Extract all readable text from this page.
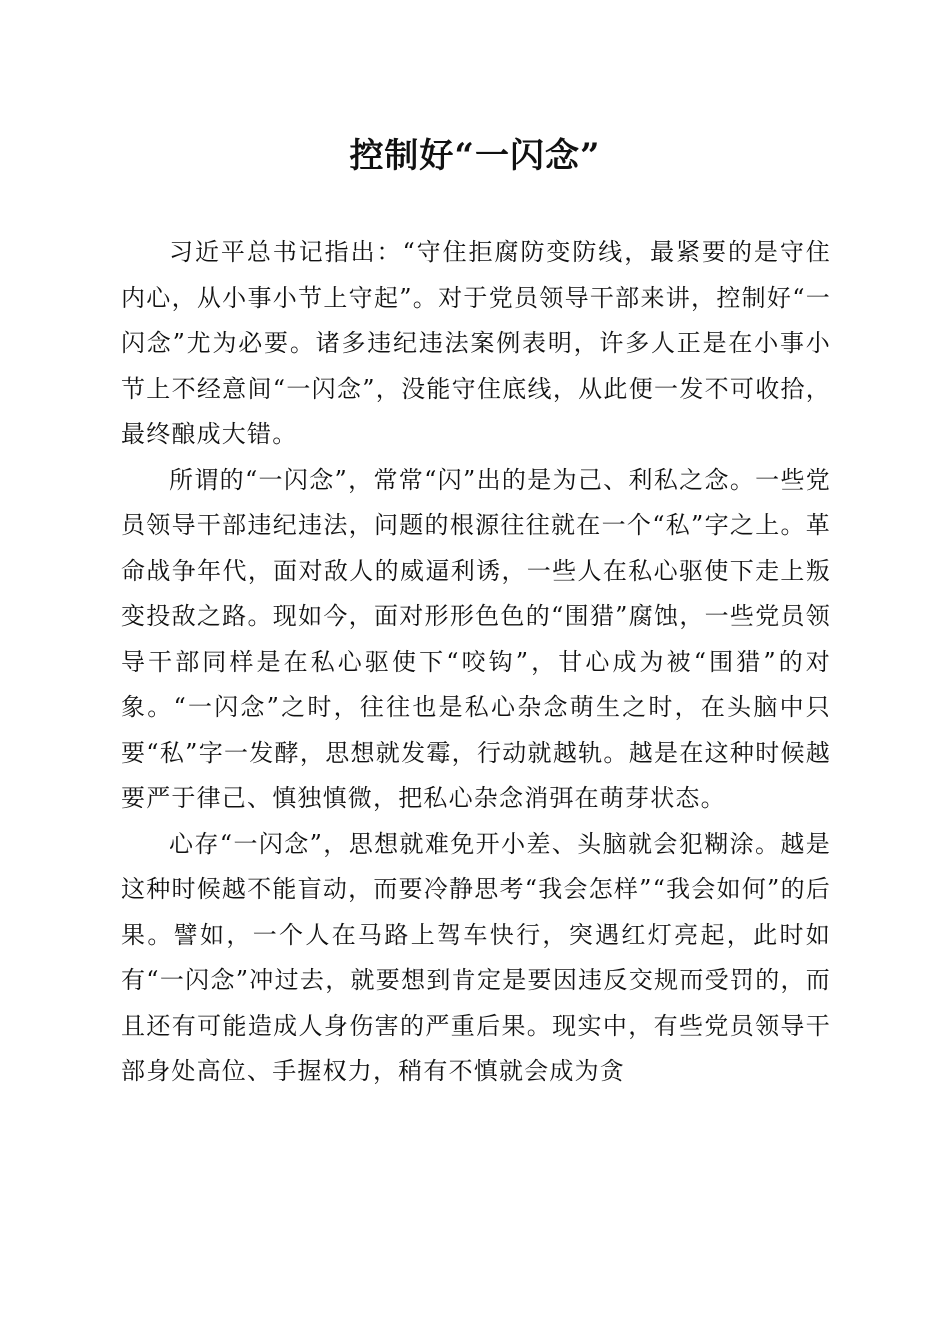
控制好“一闪念”

习近平总书记指出：“守住拒腐防变防线，最紧要的是守住内心，从小事小节上守起”。对于党员领导干部来讲，控制好“一闪念”尤为必要。诸多违纪违法案例表明，许多人正是在小事小节上不经意间“一闪念”，没能守住底线，从此便一发不可收拾，最终酿成大错。

所谓的“一闪念”，常常“闪”出的是为己、利私之念。一些党员领导干部违纪违法，问题的根源往往就在一个“私”字之上。革命战争年代，面对敌人的威逼利诱，一些人在私心驱使下走上叛变投敌之路。现如今，面对形形色色的“围猎”腐蚀，一些党员领导干部同样是在私心驱使下“咬钩”，甘心成为被“围猎”的对象。“一闪念”之时，往往也是私心杂念萌生之时，在头脑中只要“私”字一发酵，思想就发霉，行动就越轨。越是在这种时候越要严于律己、慎独慎微，把私心杂念消弭在萌芽状态。

心存“一闪念”，思想就难免开小差、头脑就会犯糊涂。越是这种时候越不能盲动，而要冷静思考“我会怎样”“我会如何”的后果。譬如，一个人在马路上驾车快行，突遇红灯亮起，此时如有“一闪念”冲过去，就要想到肯定是要因违反交规而受罚的，而且还有可能造成人身伤害的严重后果。现实中，有些党员领导干部身处高位、手握权力，稍有不慎就会成为贪
